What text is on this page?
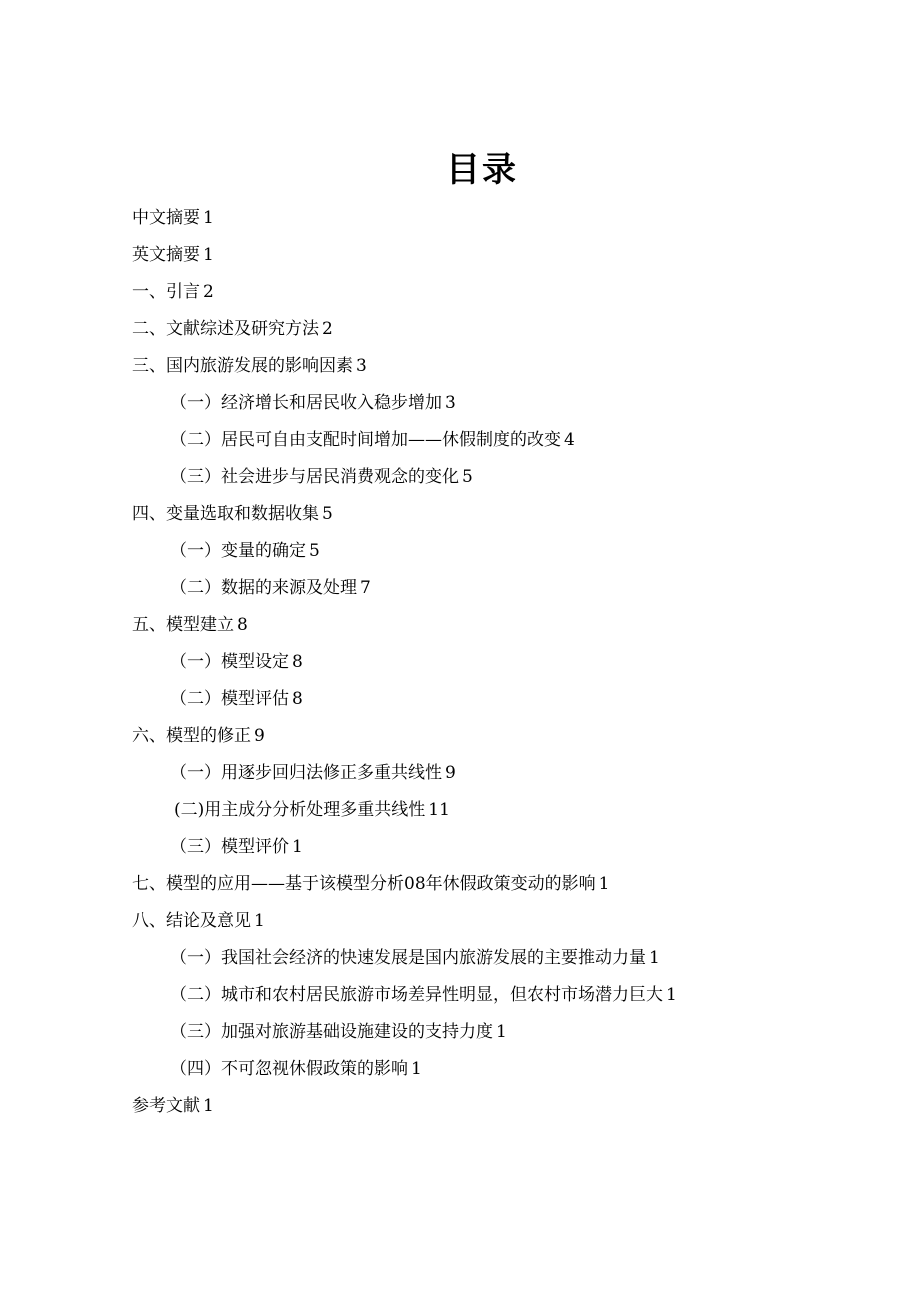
目录
中文摘要 1
英文摘要 1
一、引言 2
二、文献综述及研究方法 2
三、国内旅游发展的影响因素 3
（一）经济增长和居民收入稳步增加 3
（二）居民可自由支配时间增加——休假制度的改变 4
（三）社会进步与居民消费观念的变化 5
四、变量选取和数据收集 5
（一）变量的确定 5
（二）数据的来源及处理 7
五、模型建立 8
（一）模型设定 8
（二）模型评估 8
六、模型的修正 9
（一）用逐步回归法修正多重共线性 9
(二)用主成分分析处理多重共线性 11
（三）模型评价 1
七、模型的应用——基于该模型分析08年休假政策变动的影响 1
八、结论及意见 1
（一）我国社会经济的快速发展是国内旅游发展的主要推动力量 1
（二）城市和农村居民旅游市场差异性明显，但农村市场潜力巨大 1
（三）加强对旅游基础设施建设的支持力度 1
（四）不可忽视休假政策的影响 1
参考文献 1
